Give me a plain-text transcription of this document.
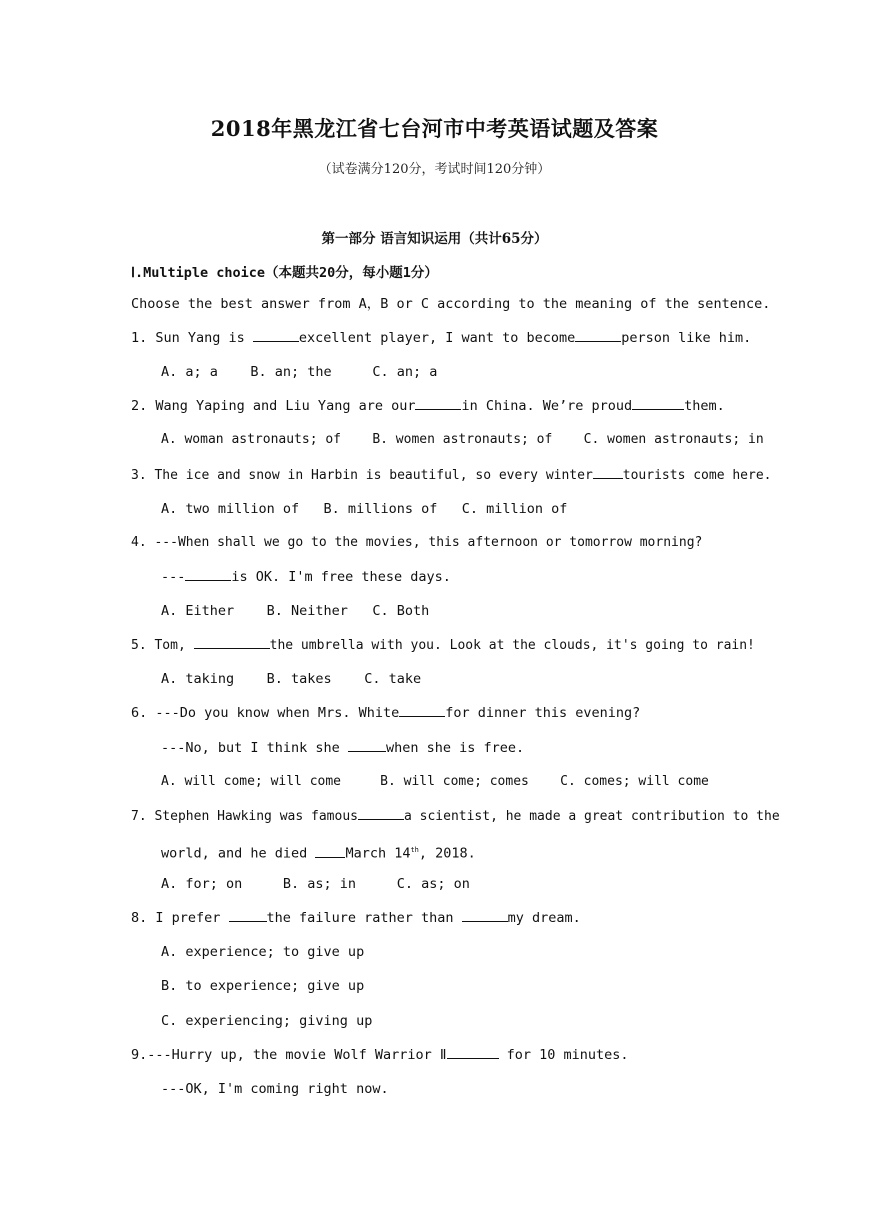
2018年黑龙江省七台河市中考英语试题及答案
（试卷满分120分，考试时间120分钟）
第一部分 语言知识运用（共计65分）
Ⅰ.Multiple choice（本题共20分，每小题1分）
Choose the best answer from A，B or C according to the meaning of the sentence.
1. Sun Yang is	excellent player, I want to become	person like him.
A. a; a    B. an; the     C. an; a
2. Wang Yaping and Liu Yang are our	in China. We’re proud	them.
A. woman astronauts; of    B. women astronauts; of    C. women astronauts; in
3. The ice and snow in Harbin is beautiful, so every winter tourists come here.
A. two million of   B. millions of   C. million of
4. ---When shall we go to the movies, this afternoon or tomorrow morning?
---	is OK. I'm free these days.
A. Either    B. Neither   C. Both
5. Tom,	the umbrella with you. Look at the clouds, it's going to rain!
A. taking    B. takes    C. take
6. ---Do you know when Mrs. White	for dinner this evening?
---No, but I think she	when she is free.
A. will come; will come     B. will come; comes    C. comes; will come
7. Stephen Hawking was famous	a scientist, he made a great contribution to the
world, and he died March 14th, 2018.
A. for; on     B. as; in     C. as; on
8. I prefer	the failure rather than	my dream.
A. experience; to give up
B. to experience; give up
C. experiencing; giving up
9.---Hurry up, the movie Wolf Warrior Ⅱ	for 10 minutes.
---OK, I'm coming right now.
